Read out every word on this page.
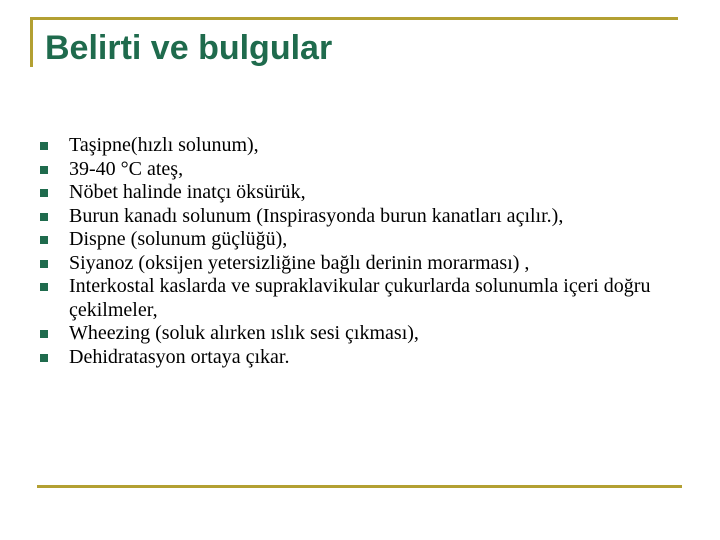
Belirti ve bulgular
Taşipne(hızlı solunum),
39-40 °C ateş,
Nöbet halinde inatçı öksürük,
Burun kanadı solunum (Inspirasyonda burun kanatları açılır.),
Dispne (solunum güçlüğü),
Siyanoz (oksijen yetersizliğine bağlı derinin morarması) ,
Interkostal kaslarda ve supraklavikular çukurlarda solunumla içeri doğru çekilmeler,
Wheezing (soluk alırken ıslık sesi çıkması),
Dehidratasyon ortaya çıkar.
